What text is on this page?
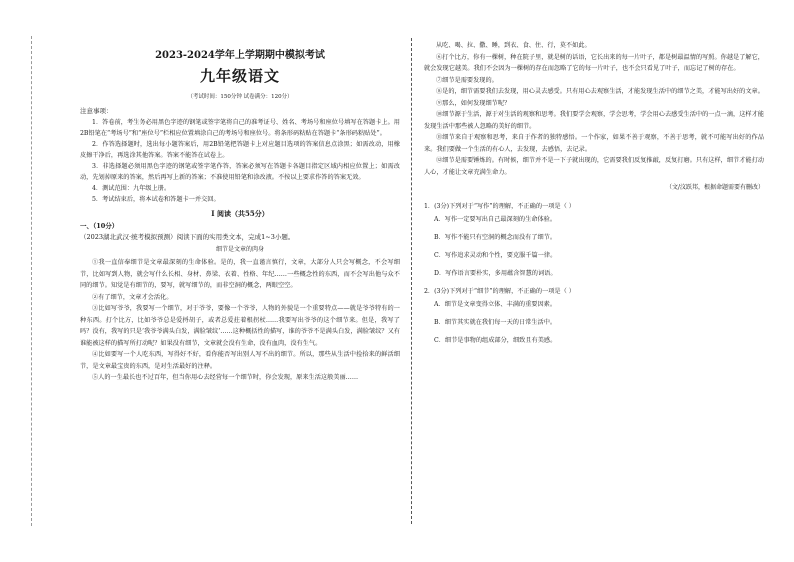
2023-2024学年上学期期中模拟考试
九年级语文
（考试时间：150分钟 试卷满分：120分）
注意事项：

1．答卷前，考生务必用黑色字迹的钢笔或签字笔将自己的准考证号、姓名、考场号和座位号填写在答题卡上。用2B铅笔在“考场号”和“座位号”栏相应位置填涂自己的考场号和座位号。将条形码粘贴在答题卡“条形码粘贴处”。

2．作答选择题时，选出每小题答案后，用2B铅笔把答题卡上对应题目选项的答案信息点涂黑；如需改动，用橡皮擦干净后，再选涂其他答案。答案不能答在试卷上。

3．非选择题必须用黑色字迹的钢笔或签字笔作答，答案必须写在答题卡各题目指定区域内相应位置上；如需改动，先划掉原来的答案，然后再写上新的答案；不准使用铅笔和涂改液。不按以上要求作答的答案无效。

4．测试范围：九年级上册。

5．考试结束后，将本试卷和答题卡一并交回。

Ⅰ 阅读（共55分）
一、（10分）
（2023湖北武汉·统考模拟预测）阅读下面的实用类文本，完成1~3小题。
细节是文章的肉身

①我一直信奉细节是文章最深刻的生命体验。是的，我一直谨言慎行，文章，大部分人只会写概念，不会写细节，比如写到人物，就会写什么长相、身材、鼻梁、衣着、性格、年纪……一些概念性的东西，而不会写出他与众不同的细节。知觉是有细节的，要写，就写细节的，而非空洞的概念，两眼空空。

②有了细节，文章才会活化。

③比如写爷爷，我要写一个细节，对于爷爷，要像一个爷爷，人物的外貌是一个重要特点——就是爷爷特有的一种东西。打个比方，比如爷爷总是爱捋胡子，或者总爱拄着根拐杖……我要写出爷爷的这个细节来。但是，我写了吗？没有，我写的只是‘我爷爷满头白发，满脸皱纹’……这种概括性的描写，谁的爷爷不是满头白发，满脸皱纹？又有谁能被这样的描写所打动呢？如果没有细节，文章就会没有生命，没有血肉，没有生气。

④比如要写一个人吃东西，写得好不好，看你能否写出别人写不出的细节。所以，那些从生活中捡拾来的鲜活细节，是文章最宝贵的东西，是对生活最好的注释。

⑤人的一生最长也不过百年，但当你用心去经营每一个细节时，你会发现，原来生活这般美丽……

从吃、喝、拉、撒、睡，到衣、食、住、行，莫不如此。

⑥打个比方，你有一棵树，种在院子里，就是树的话语，它长出来的每一片叶子，都是树最温情的写照。你越是了解它，就会发现它越美。我们不会因为一棵树的存在而忽略了它的每一片叶子，也不会只看见了叶子，而忘记了树的存在。

⑦细节是需要发现的。

⑧是的，细节需要我们去发现，用心灵去感受。只有用心去观察生活，才能发现生活中的细节之美，才能写出好的文章。

⑨那么，如何发现细节呢？

⑩细节源于生活，源于对生活的观察和思考。我们要学会观察，学会思考，学会用心去感受生活中的一点一滴，这样才能发现生活中那些被人忽略的美好的细节。

⑪细节来自于观察和思考，来自于作者的独特感悟。一个作家，如果不善于观察，不善于思考，就不可能写出好的作品来。我们要做一个生活的有心人，去发现，去感悟，去记录。

⑫细节是需要锤炼的。有时候，细节并不是一下子就出现的，它需要我们反复推敲，反复打磨。只有这样，细节才能打动人心，才能让文章充满生命力。

（文/汶跃邦，根据命题需要有删改）
1．(3分)下列对于“写作”的理解，不正确的一项是（ ）
A．写作一定要写出自己最深刻的生命体验。
B．写作不能只有空洞的概念而没有了细节。
C．写作追求灵动和个性，要克服千篇一律。
D．写作语言要朴实，多用蕴含智慧的词语。
2．(3分)下列对于“细节”的理解，不正确的一项是（ ）
A．细节是文章变得立体、丰满的重要因素。
B．细节其实就在我们每一天的日常生活中。
C．细节是事物的组成部分，细致且有美感。
